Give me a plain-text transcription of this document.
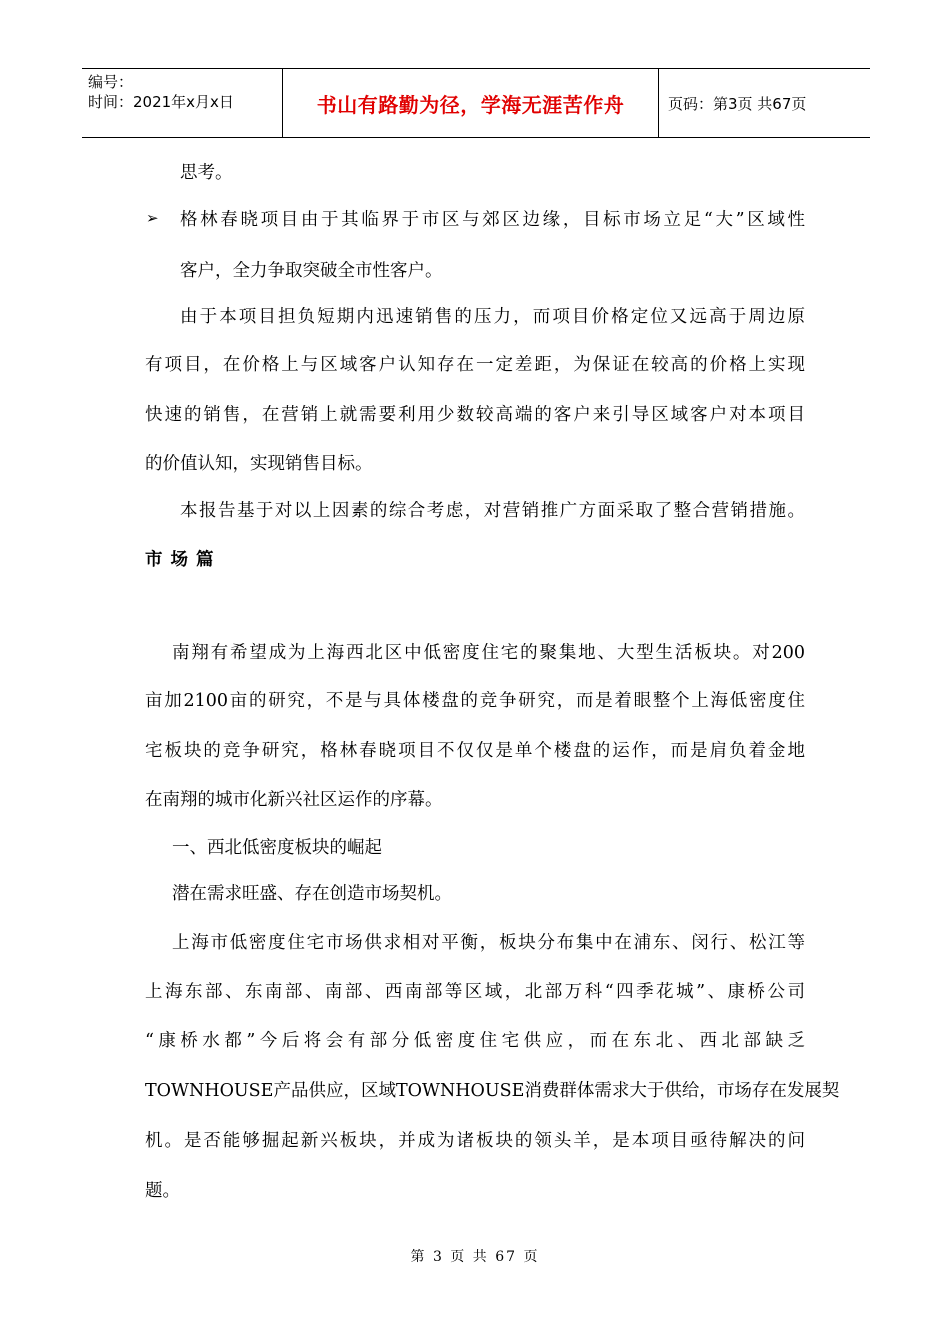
编号：
时间：2021年x月x日	书山有路勤为径，学海无涯苦作舟	页码：第3页 共67页
➢
思考。
格林春晓项目由于其临界于市区与郊区边缘，目标市场立足“大”区域性
客户，全力争取突破全市性客户。
由于本项目担负短期内迅速销售的压力，而项目价格定位又远高于周边原
有项目，在价格上与区域客户认知存在一定差距，为保证在较高的价格上实现
快速的销售，在营销上就需要利用少数较高端的客户来引导区域客户对本项目
的价值认知，实现销售目标。
本报告基于对以上因素的综合考虑，对营销推广方面采取了整合营销措施。
市场篇
南翔有希望成为上海西北区中低密度住宅的聚集地、大型生活板块。对200
亩加2100亩的研究，不是与具体楼盘的竞争研究，而是着眼整个上海低密度住
宅板块的竞争研究，格林春晓项目不仅仅是单个楼盘的运作，而是肩负着金地
在南翔的城市化新兴社区运作的序幕。
一、西北低密度板块的崛起
潜在需求旺盛、存在创造市场契机。
上海市低密度住宅市场供求相对平衡，板块分布集中在浦东、闵行、松江等
上海东部、东南部、南部、西南部等区域，北部万科“四季花城”、康桥公司
“康桥水都”今后将会有部分低密度住宅供应，而在东北、西北部缺乏
TOWNHOUSE产品供应，区域TOWNHOUSE消费群体需求大于供给，市场存在发展契
机。是否能够掘起新兴板块，并成为诸板块的领头羊，是本项目亟待解决的问
题。
第 3 页 共 67 页
